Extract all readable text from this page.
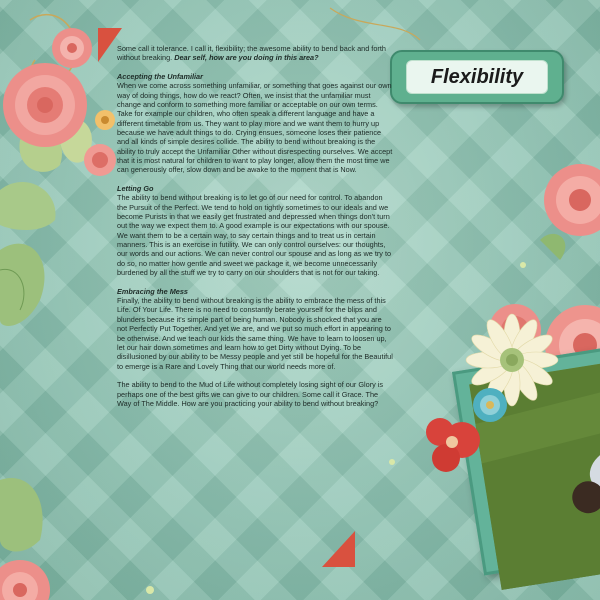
Flexibility

Some call it tolerance. I call it, flexibility; the awesome ability to bend back and forth without breaking. Dear self, how are you doing in this area?

Accepting the Unfamiliar
When we come across something unfamiliar, or something that goes against our own way of doing things, how do we react? Often, we insist that the unfamiliar must change and conform to something more familiar or acceptable on our own terms. Take for example our children, who often speak a different language and have a different timetable from us. They want to play more and we want them to hurry up because we have adult things to do. Crying ensues, someone loses their patience and all kinds of simple desires collide. The ability to bend without breaking is the ability to truly accept the Unfamiliar Other without disrespecting ourselves. We accept that it is most natural for children to want to play longer, allow them the most time we can generously offer, slow down and be awake to the moment that is Now.

Letting Go
The ability to bend without breaking is to let go of our need for control. To abandon the Pursuit of the Perfect. We tend to hold on tightly sometimes to our ideals and we become Purists in that we easily get frustrated and depressed when things don't turn out the way we expect them to. A good example is our expectations with our spouse. We want them to be a certain way, to say certain things and to treat us in certain manners. This is an exercise in futility. We can only control ourselves: our thoughts, our words and our actions. We can never control our spouse and as long as we try to do so, no matter how gentle and sweet we package it, we become unnecessarily burdened by all the stuff we try to carry on our shoulders that is not for our taking.

Embracing the Mess
Finally, the ability to bend without breaking is the ability to embrace the mess of this Life. Of Your Life. There is no need to constantly berate yourself for the blips and blunders because it's simple part of being human. Nobody is shocked that you are not Perfectly Put Together. And yet we are, and we put so much effort in appearing to be otherwise. And we teach our kids the same thing. We have to learn to loosen up, let our hair down sometimes and learn how to get Dirty without Dying. To be disillusioned by our ability to be Messy people and yet still be hopeful for the Beautiful to emerge is a Rare and Lovely Thing that our world needs more of.

The ability to bend to the Mud of Life without completely losing sight of our Glory is perhaps one of the best gifts we can give to our children. Some call it Grace. The Way of The Middle. How are you practicing your ability to bend without breaking?
